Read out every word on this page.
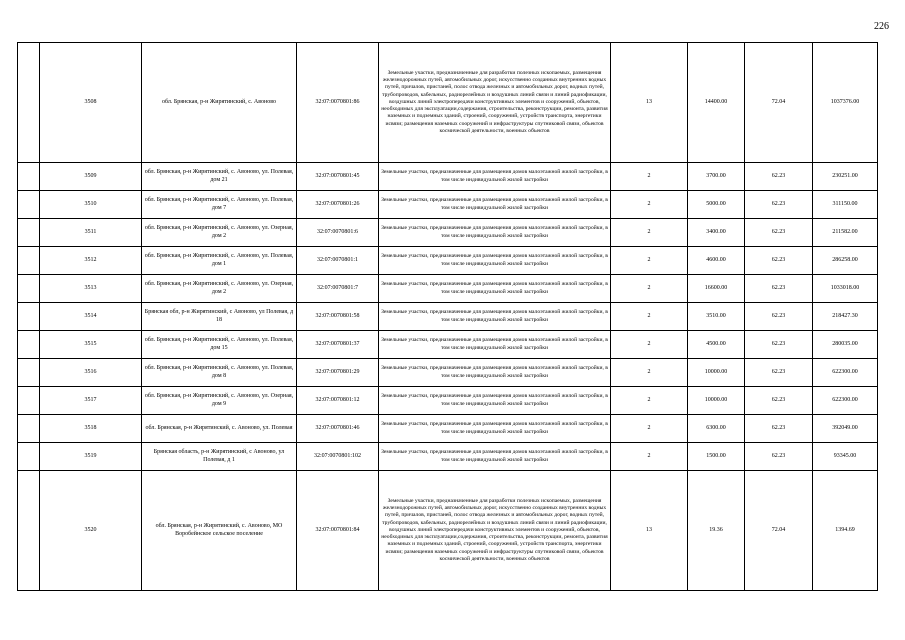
226
	3508	обл. Брянская, р-н Жирятинский, с. Авоново	32:07:0070801:86	Земельные участки, предназначенные для разработки полезных ископаемых, размещения железнодорожных путей, автомобильных дорог, искусственно созданных внутренних водных путей, причалов, пристаней, полос отвода железных и автомобильных дорог, водных путей, трубопроводов, кабельных, радиорелейных и воздушных линий связи и линий радиофикации, воздушных линий электропередачи конструктивных элементов и сооружений, объектов, необходимых для эксплуатации,содержания, строительства, реконструкции, ремонта, развития наземных и подземных зданий, строений, сооружений, устройств транспорта, энергетики исвязи; размещения наземных сооружений и инфраструктуры спутниковой связи, объектов космической деятельности, военных объектов	13	14400.00	72.04	1037376.00
	3509	обл. Брянская, р-н Жирятинский, с. Авоново, ул. Полевая, дом 21	32:07:0070801:45	Земельные участки, предназначенные для размещения домов малоэтажной жилой застройки, в том числе индивидуальной жилой застройки	2	3700.00	62.23	230251.00
	3510	обл. Брянская, р-н Жирятинский, с. Авоново, ул. Полевая, дом 7	32:07:0070801:26	Земельные участки, предназначенные для размещения домов малоэтажной жилой застройки, в том числе индивидуальной жилой застройки	2	5000.00	62.23	311150.00
	3511	обл. Брянская, р-н Жирятинский, с. Авоново, ул. Озерная, дом 2	32:07:0070801:6	Земельные участки, предназначенные для размещения домов малоэтажной жилой застройки, в том числе индивидуальной жилой застройки	2	3400.00	62.23	211582.00
	3512	обл. Брянская, р-н Жирятинский, с. Авоново, ул. Полевая, дом 1	32:07:0070801:1	Земельные участки, предназначенные для размещения домов малоэтажной жилой застройки, в том числе индивидуальной жилой застройки	2	4600.00	62.23	286258.00
	3513	обл. Брянская, р-н Жирятинский, с. Авоново, ул. Озерная, дом 2	32:07:0070801:7	Земельные участки, предназначенные для размещения домов малоэтажной жилой застройки, в том числе индивидуальной жилой застройки	2	16600.00	62.23	1033018.00
	3514	Брянская обл, р-н Жирятинский, с Авоново, ул Полевая, д 18	32:07:0070801:58	Земельные участки, предназначенные для размещения домов малоэтажной жилой застройки, в том числе индивидуальной жилой застройки	2	3510.00	62.23	218427.30
	3515	обл. Брянская, р-н Жирятинский, с. Авоново, ул. Полевая, дом 15	32:07:0070801:37	Земельные участки, предназначенные для размещения домов малоэтажной жилой застройки, в том числе индивидуальной жилой застройки	2	4500.00	62.23	280035.00
	3516	обл. Брянская, р-н Жирятинский, с. Авоново, ул. Полевая, дом 8	32:07:0070801:29	Земельные участки, предназначенные для размещения домов малоэтажной жилой застройки, в том числе индивидуальной жилой застройки	2	10000.00	62.23	622300.00
	3517	обл. Брянская, р-н Жирятинский, с. Авоново, ул. Озерная, дом 9	32:07:0070801:12	Земельные участки, предназначенные для размещения домов малоэтажной жилой застройки, в том числе индивидуальной жилой застройки	2	10000.00	62.23	622300.00
	3518	обл. Брянская, р-н Жирятинский, с. Авоново, ул. Полевая	32:07:0070801:46	Земельные участки, предназначенные для размещения домов малоэтажной жилой застройки, в том числе индивидуальной жилой застройки	2	6300.00	62.23	392049.00
	3519	Брянская область, р-н Жирятинский, с Авоново, ул Полевая, д 1	32:07:0070801:102	Земельные участки, предназначенные для размещения домов малоэтажной жилой застройки, в том числе индивидуальной жилой застройки	2	1500.00	62.23	93345.00
	3520	обл. Брянская, р-н Жирятинский, с. Авоново, МО Воробейнское сельское поселение	32:07:0070801:84	Земельные участки, предназначенные для разработки полезных ископаемых, размещения железнодорожных путей, автомобильных дорог, искусственно созданных внутренних водных путей, причалов, пристаней, полос отвода железных и автомобильных дорог, водных путей, трубопроводов, кабельных, радиорелейных и воздушных линий связи и линий радиофикации, воздушных линий электропередачи конструктивных элементов и сооружений, объектов, необходимых для эксплуатации,содержания, строительства, реконструкции, ремонта, развития наземных и подземных зданий, строений, сооружений, устройств транспорта, энергетики исвязи; размещения наземных сооружений и инфраструктуры спутниковой связи, объектов космической деятельности, военных объектов	13	19.36	72.04	1394.69
